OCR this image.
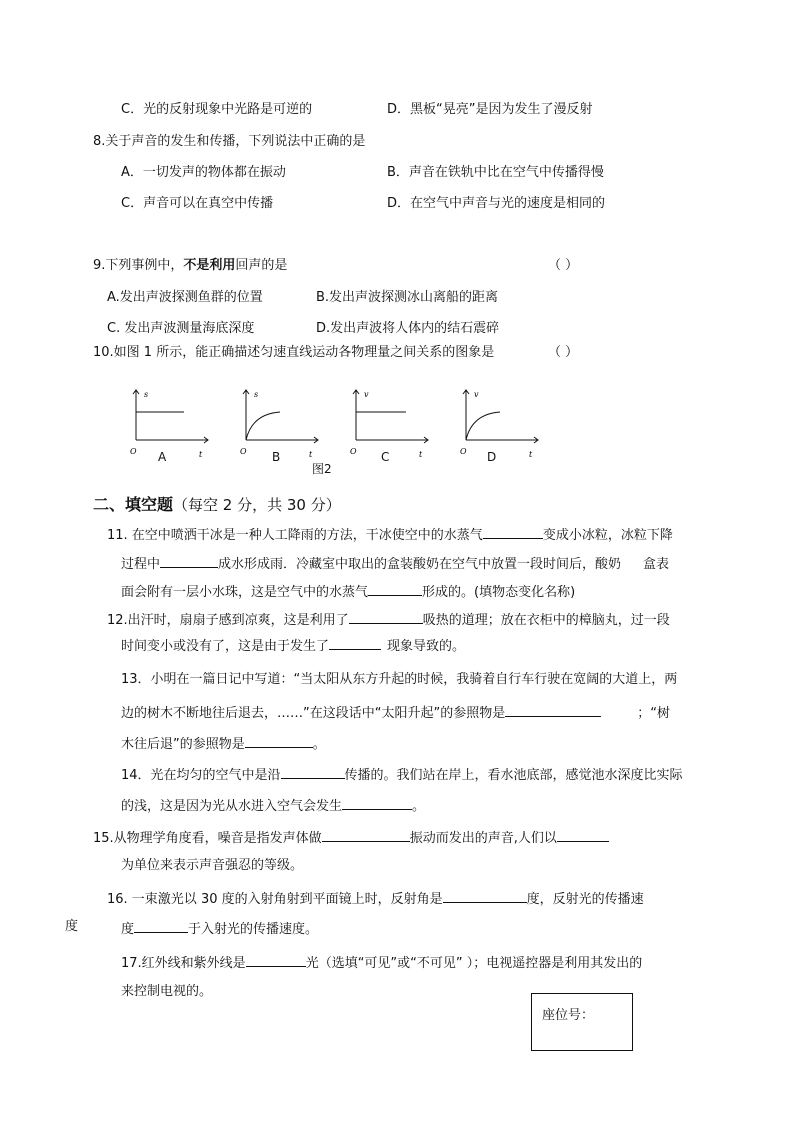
C．光的反射现象中光路是可逆的	D．黑板“晃亮”是因为发生了漫反射
8.关于声音的发生和传播，下列说法中正确的是
A．一切发声的物体都在振动	B．声音在铁轨中比在空气中传播得慢
C．声音可以在真空中传播	D．在空气中声音与光的速度是相同的
9.下列事例中，不是利用回声的是	（ ）
A.发出声波探测鱼群的位置	B.发出声波探测冰山离船的距离
C. 发出声波测量海底深度	D.发出声波将人体内的结石震碎
10.如图 1 所示，能正确描述匀速直线运动各物理量之间关系的图象是	（ ）
s
t
O A
s
t
O B
v
t
O C
v
t
O D
图2
二、填空题（每空 2 分，共 30 分）
11. 在空中喷洒干冰是一种人工降雨的方法，干冰使空中的水蒸气	变成小冰粒，冰粒下降
过程中	成水形成雨．冷藏室中取出的盒装酸奶在空气中放置一段时间后，酸奶 盒表
面会附有一层小水珠，这是空气中的水蒸气	形成的。(填物态变化名称)
12.出汗时，扇扇子感到凉爽，这是利用了	吸热的道理；放在衣柜中的樟脑丸，过一段
时间变小或没有了，这是由于发生了	现象导致的。
13．小明在一篇日记中写道：“当太阳从东方升起的时候，我骑着自行车行驶在宽阔的大道上，两
边的树木不断地往后退去，……”在这段话中“太阳升起”的参照物是	；“树
木往后退”的参照物是	。
14．光在均匀的空气中是沿	传播的。我们站在岸上，看水池底部，感觉池水深度比实际
的浅，这是因为光从水进入空气会发生	。
15.从物理学角度看，噪音是指发声体做	振动而发出的声音,人们以
为单位来表示声音强忍的等级。
16. 一束激光以 30 度的入射角射到平面镜上时，反射角是	度，反射光的传播速
度	度	于入射光的传播速度。
17.红外线和紫外线是	光（选填“可见”或“不可见” ）；电视遥控器是利用其发出的
来控制电视的。
座位号：
